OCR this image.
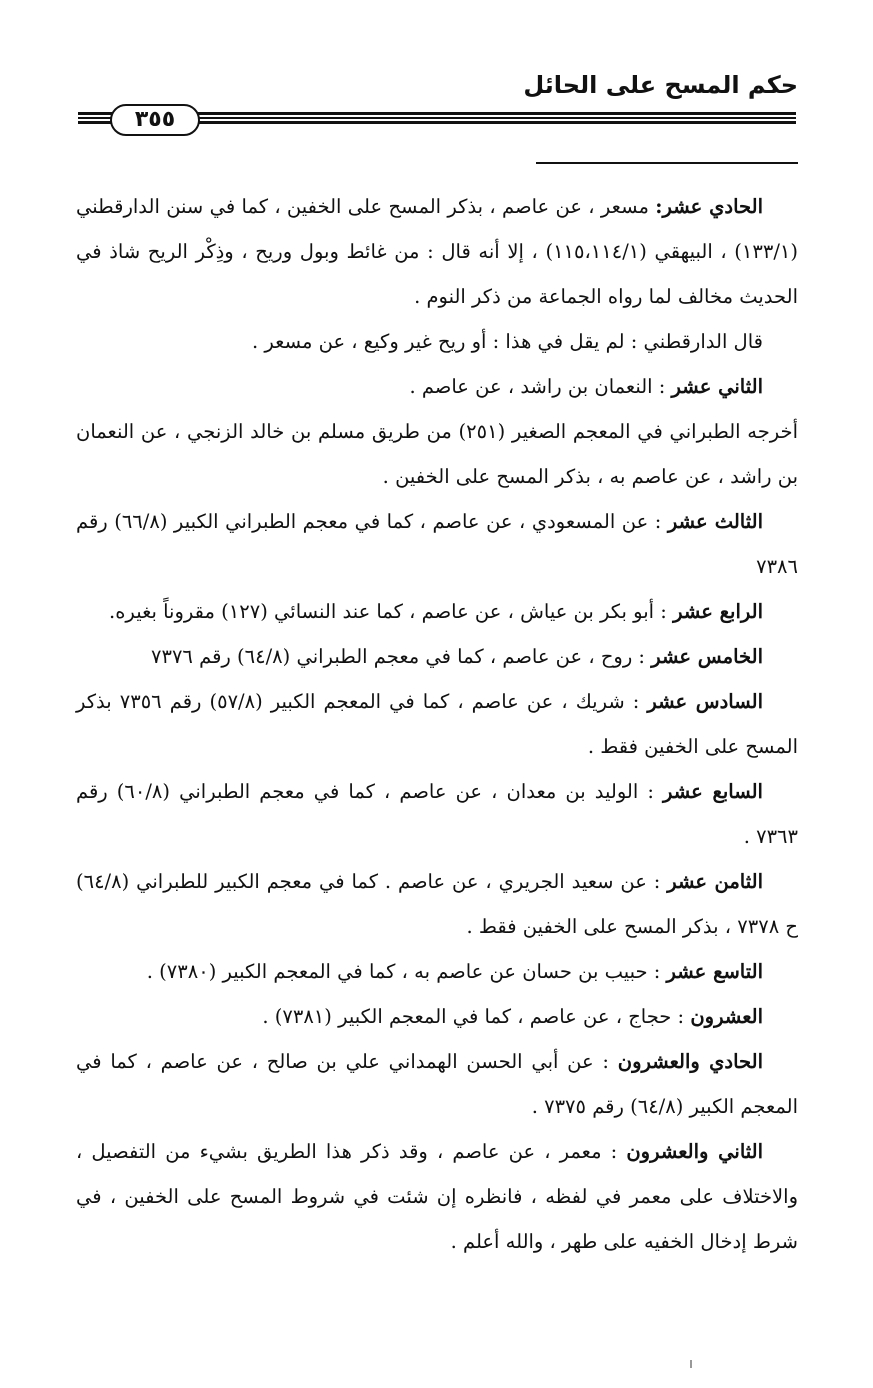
حكم المسح على الحائل
٣٥٥

الحادي عشر: مسعر ، عن عاصم ، بذكر المسح على الخفين ، كما في سنن الدارقطني (١٣٣/١) ، البيهقي (١١٥،١١٤/١) ، إلا أنه قال : من غائط وبول وريح ، وذِكْر الريح شاذ في الحديث مخالف لما رواه الجماعة من ذكر النوم .

قال الدارقطني : لم يقل في هذا : أو ريح غير وكيع ، عن مسعر .

الثاني عشر : النعمان بن راشد ، عن عاصم .

أخرجه الطبراني في المعجم الصغير (٢٥١) من طريق مسلم بن خالد الزنجي ، عن النعمان بن راشد ، عن عاصم به ، بذكر المسح على الخفين .

الثالث عشر : عن المسعودي ، عن عاصم ، كما في معجم الطبراني الكبير (٦٦/٨) رقم ٧٣٨٦

الرابع عشر : أبو بكر بن عياش ، عن عاصم ، كما عند النسائي (١٢٧) مقروناً بغيره.

الخامس عشر : روح ، عن عاصم ، كما في معجم الطبراني (٦٤/٨) رقم ٧٣٧٦

السادس عشر : شريك ، عن عاصم ، كما في المعجم الكبير (٥٧/٨) رقم ٧٣٥٦ بذكر المسح على الخفين فقط .

السابع عشر : الوليد بن معدان ، عن عاصم ، كما في معجم الطبراني (٦٠/٨) رقم ٧٣٦٣ .

الثامن عشر : عن سعيد الجريري ، عن عاصم . كما في معجم الكبير للطبراني (٦٤/٨) ح ٧٣٧٨ ، بذكر المسح على الخفين فقط .

التاسع عشر : حبيب بن حسان عن عاصم به ، كما في المعجم الكبير (٧٣٨٠) .

العشرون : حجاج ، عن عاصم ، كما في المعجم الكبير (٧٣٨١) .

الحادي والعشرون : عن أبي الحسن الهمداني علي بن صالح ، عن عاصم ، كما في المعجم الكبير (٦٤/٨) رقم ٧٣٧٥ .

الثاني والعشرون : معمر ، عن عاصم ، وقد ذكر هذا الطريق بشيء من التفصيل ، والاختلاف على معمر في لفظه ، فانظره إن شئت في شروط المسح على الخفين ، في شرط إدخال الخفيه على طهر ، والله أعلم .
